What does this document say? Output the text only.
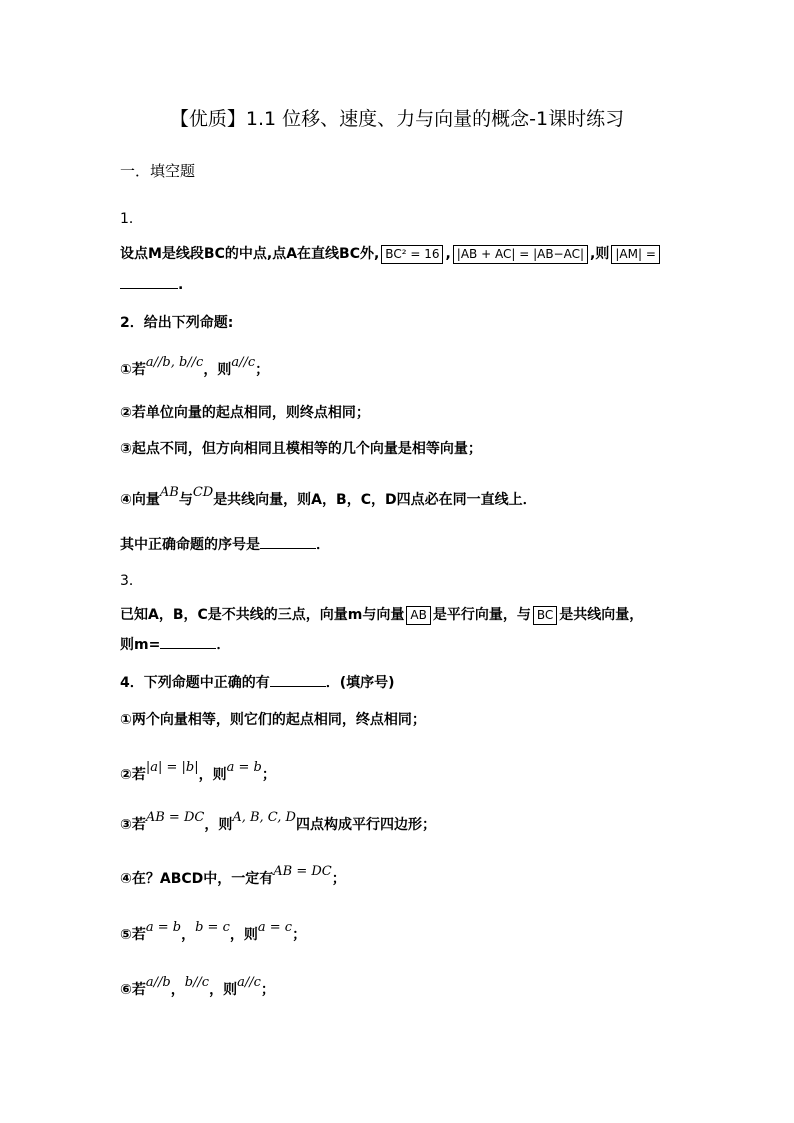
【优质】1.1 位移、速度、力与向量的概念-1课时练习
一．填空题
1．
设点M是线段BC的中点,点A在直线BC外, BC² = 16 , |AB + AC| = |AB−AC| ,则 |AM| =
.
2．给出下列命题:
①若a//b, b//c，则a//c；
②若单位向量的起点相同，则终点相同；
③起点不同，但方向相同且模相等的几个向量是相等向量；
④向量AB与CD是共线向量，则A，B，C，D四点必在同一直线上．
其中正确命题的序号是	．
3．
已知A，B，C是不共线的三点，向量m与向量 AB 是平行向量，与 BC 是共线向量，
则m=	．
4．下列命题中正确的有	．(填序号)
①两个向量相等，则它们的起点相同，终点相同；
②若|a| = |b|，则a = b；
③若AB = DC，则A, B, C, D四点构成平行四边形；
④在？ABCD中，一定有AB = DC；
⑤若a = b，b = c，则a = c；
⑥若a//b，b//c，则a//c；
